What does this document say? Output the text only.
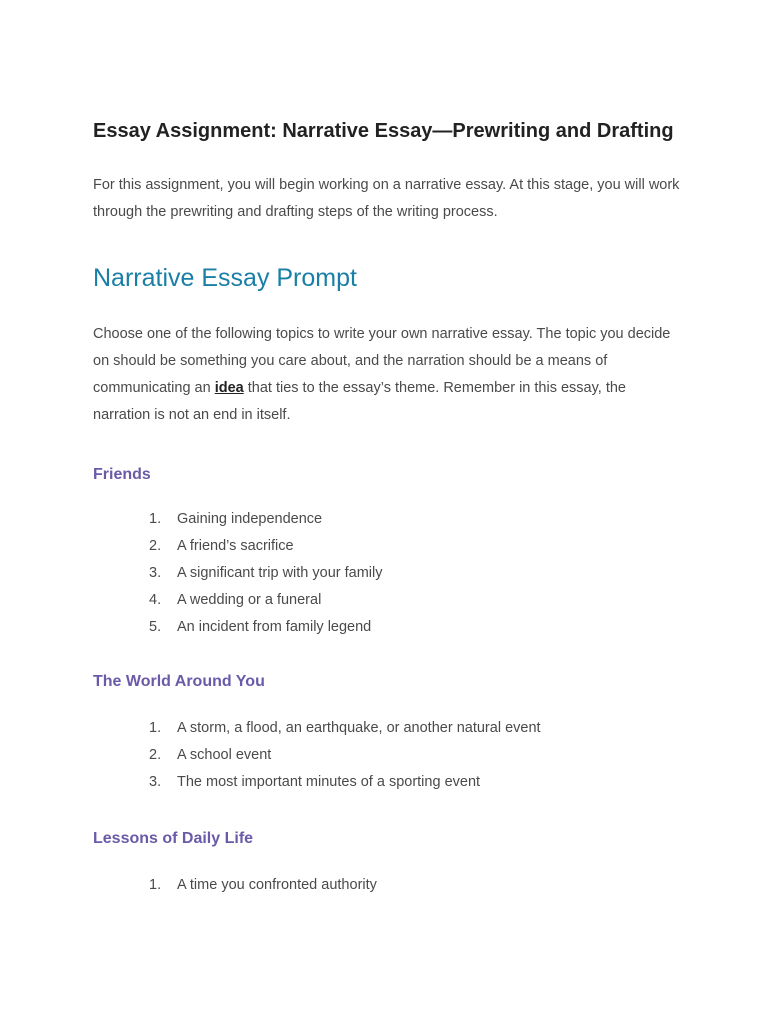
Essay Assignment: Narrative Essay—Prewriting and Drafting

For this assignment, you will begin working on a narrative essay. At this stage, you will work through the prewriting and drafting steps of the writing process.

Narrative Essay Prompt

Choose one of the following topics to write your own narrative essay. The topic you decide on should be something you care about, and the narration should be a means of communicating an idea that ties to the essay’s theme. Remember in this essay, the narration is not an end in itself.

Friends
1.	Gaining independence
2.	A friend’s sacrifice
3.	A significant trip with your family
4.	A wedding or a funeral
5.	An incident from family legend
The World Around You
1.	A storm, a flood, an earthquake, or another natural event
2.	A school event
3.	The most important minutes of a sporting event
Lessons of Daily Life
1.	A time you confronted authority
